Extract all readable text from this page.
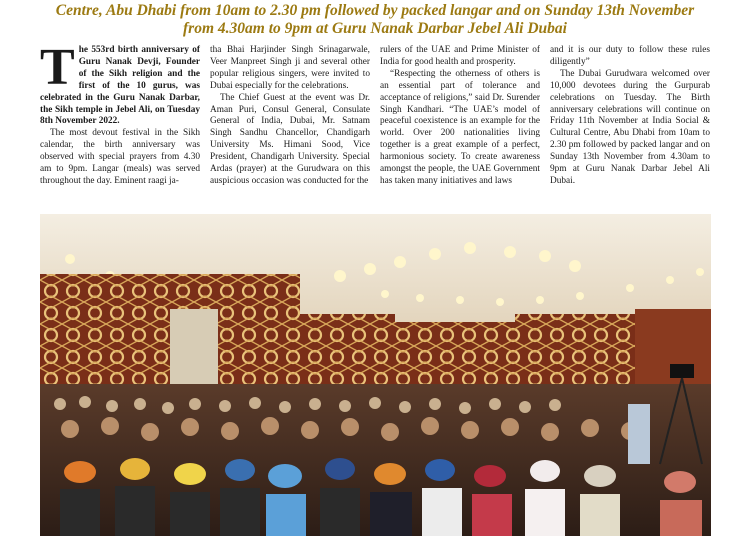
Centre, Abu Dhabi from 10am to 2.30 pm followed by packed langar and on Sunday 13th November
from 4.30am to 9pm at Guru Nanak Darbar Jebel Ali Dubai

The 553rd birth anniversary of Guru Nanak Devji, Founder of the Sikh religion and the first of the 10 gurus, was celebrated in the Guru Nanak Darbar, the Sikh temple in Jebel Ali, on Tuesday 8th November 2022.

The most devout festival in the Sikh calendar, the birth anniversary was observed with special prayers from 4.30 am to 9pm. Langar (meals) was served throughout the day. Eminent raagi ja-

tha Bhai Harjinder Singh Srinagarwale, Veer Manpreet Singh ji and several other popular religious singers, were invited to Dubai especially for the celebrations.

The Chief Guest at the event was Dr. Aman Puri, Consul General, Consulate General of India, Dubai, Mr. Satnam Singh Sandhu Chancellor, Chandigarh University Ms. Himani Sood, Vice President, Chandigarh University. Special Ardas (prayer) at the Gurudwara on this auspicious occasion was conducted for the

rulers of the UAE and Prime Minister of India for good health and prosperity.

“Respecting the otherness of others is an essential part of tolerance and acceptance of religions,” said Dr. Surender Singh Kandhari. “The UAE’s model of peaceful coexistence is an example for the world. Over 200 nationalities living together is a great example of a perfect, harmonious society. To create awareness amongst the people, the UAE Government has taken many initiatives and laws

and it is our duty to follow these rules diligently”

The Dubai Gurudwara welcomed over 10,000 devotees during the Gurpurab celebrations on Tuesday. The Birth anniversary celebrations will continue on Friday 11th November at India Social & Cultural Centre, Abu Dhabi from 10am to 2.30 pm followed by packed langar and on Sunday 13th November from 4.30am to 9pm at Guru Nanak Darbar Jebel Ali Dubai.
